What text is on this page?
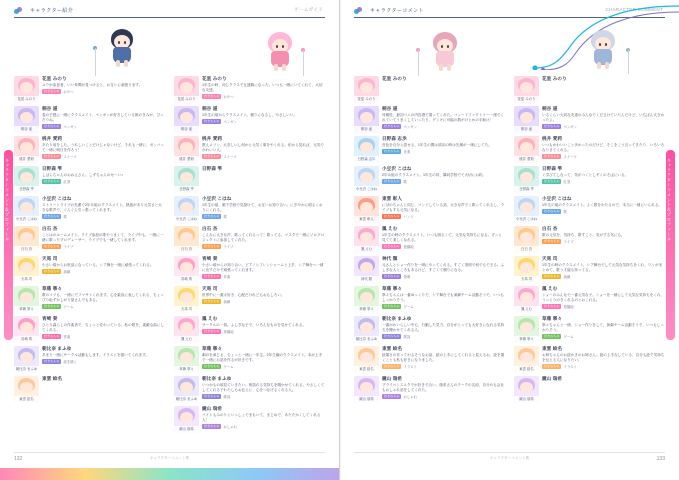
キャラクター紹介	ゲームガイド
キャラクターコメント＆プロフィール
花星 みのり
花星 みのり
ユウが参加者、いい仲間が見つけると、お互いに頑張ります。
好きなもの	おやつ
桐谷 遥
桐谷 遥
春の予感に一緒にクラスメイト、ペンギンが好きしている都のきみが、ぴったりね。
好きなもの	ペンギン
桃井 愛莉
桃井 愛莉
あたり前をした。うれしいことだけじゃないけど、それも一緒に、ガンバって一緒に明日を作ろう！
好きなもの	スイーツ
日野森 雫
日野森 雫
しばらちゃんのおねえさん。しずちゃんのせーい♪
好きなもの	紅茶
小豆沢 こはね
小豆沢 こはね
ストリートライブの先輩で2年＆組のクラスメイト。熱意があり元気さと大きな歌声で、ぐんぐん引っ張ってくれます。
好きなもの	歌
白石 杏
白石 杏
ことはのルームメイト。ライブ参加の歌やうまくて、ライブ中も、一緒に一緒に歌ったプロデューサー、ライブでも一緒してくれます。
好きなもの	ライブ
天馬 司
天馬 司
小さい頃からお世話になっている。シア舞台一緒に頑張ってくれる。
好きなもの	演劇
草薙 寧々
草薙 寧々
歌のコツも、一緒にでフマサトくれます。心を素直に表してくれる、ちょっぴり恥ずかしがり屋さんでもある。
好きなもの	ゲーム
宵崎 奏
宵崎 奏
ひとり暮らしの作曲者で、ちょっと変わっている。私の歌を、素敵な曲にしてくれる。
好きなもの	作曲
朝比奈 まふゆ
朝比奈 まふゆ
あまり一緒にサークル活動もします。イラストを描いてくれます。
好きなもの	絵を描く
東雲 絵名
東雲 絵名
花星 みのり
花星 みのり
1年生の時、同じクラスで互連載になった。いつも一緒にいてくれて、大切な友達。
好きなもの	おやつ
桐谷 遥
桐谷 遥
1年生の頃からクラスメイト。頼りになるし、やさしいい。
好きなもの	ペンギン
桃井 愛莉
桃井 愛莉
教えメリン、大変しいし何かと元気く事をやくれる。私から見れば、元気でかわいい人。
好きなもの	スイーツ
日野森 雫
日野森 雫
小豆沢 こはね
小豆沢 こはね
1年生の頃、廊下学校で見掛けて、お互いお知り合い。にぎやかに明るくおりにくれる。
好きなもの	歌
白石 杏
白石 杏
こんなに大きな声、歌ってくれるって！歌ってる、マスクで一緒にソロプロジェクトに参加してくれた。
好きなもの	ライブ
宵崎 奏
宵崎 奏
小さい頃からの知り合い。ピアノとフレンシャームと上手、シア舞台へ一緒に出すだけで頑張ってくれます。
好きなもの	作曲
天馬 司
天馬 司
世界中に一番太好き、心配だけれどもおもしろい。
好きなもの	演劇
鳳 えむ
鳳 えむ
サークルの一員。ふしぎな子で、いろんなものを見せてくれる。
好きなもの	遊園地
草薙 寧々
草薙 寧々
劇のを演じる、ちょっと一緒に一年生。2年生編のクラスメイト。本が上手で一緒にお話を作るが好きです。
好きなもの	ゲーム
朝比奈 まふゆ
朝比奈 まふゆ
いつかもの頃見ていきたい。相談れる気持ちを聞かせてくれる。やさしくてしてくれる子わたしもお伝えに、心をつなげるくれる人。
好きなもの	歌詞
鏡山 瑞希
鏡山 瑞希
バイトもみのりといっしょでまもいて、まじめで、あたたかくしてくれる人！
好きなもの	おしゃれ
132	キャラクターコメント集
キャラクターコメント	CHARACTER COMMENT
キャラクターコメント＆プロフィール
花星 みのり
花星 みのり
桐谷 遥
桐谷 遥
母親役、最初バニの内容漫で書ってくれた。コンードファクトリー一緒でくれていてうまくしていったり、ゲンキに可能の数がけとかの手助け！
好きなもの	ペンギン
日野森 志歩
日野森 志歩
音色を自分と認せる、1年生の間は部活の時は先輩が一緒にしてた。
好きなもの	音楽
小豆沢 こはね
小豆沢 こはね
2年＆組のクラスメイト。1年生の同、隣同学校でて大切にお約。
好きなもの	歌
東雲 彰人
東雲 彰人
にほのちゃんと同じ、バンドしている話、大きな声でく歌ってくれるし、ライブもする元気になる。
好きなもの	バンド
鳳 えむ
鳳 えむ
1年生の時のクラスメイト。いつも明るくて、元気な気持ちになる。ずっと見てて楽しくなれる。
好きなもの	遊園地
神代 類
神代 類
元さんとショー作りを一緒にやってくれる。すごく発明で何でもできる。ふしぎな人ところもあるけど、すごくて頼りになる。
好きなもの	発明
草薙 寧々
草薙 寧々
寧々ちゃんは一番ゆっくりで、シア舞台でも演劇チーム活動そうで、いつもしっかりそう。
好きなもの	ゲーム
朝比奈 まふゆ
朝比奈 まふゆ
一番かわいらしい中も、行動した気力、自分がとっても大好きになれる気持ちを聞かせてくれる人。
好きなもの	歌詞
東雲 絵名
東雲 絵名
絵描さの作ってわるそうなお話、絵の上手にしてくれると見えるお、絵を描くことも私も好きになりました。
好きなもの	イラスト
鏡山 瑞希
鏡山 瑞希
プライベンスエクでが好きで合い、瑞希さんのラークの名前、自分のも会社もおしゃれ話をしてくれた。
好きなもの	おしゃれ
花星 みのり
花星 みのり
桐谷 遥
桐谷 遥
いるくらい大切な友達のみんなでくださけていたんだけど、いちばん大きかったよ。
好きなもの	ペンギン
桃井 愛莉
桃井 愛莉
いつもかわいいこと多かったのだけど、そこをこう言ってきたり、いろいろなりきてくれる。
好きなもの	スイーツ
日野森 雫
日野森 雫
ぐ学びてしなって、気がつくとしずくのそばにいる。
好きなもの	紅茶
小豆沢 こはね
小豆沢 こはね
1年生の頃のクラスメイト。よく歌をわたるので、本当に一緒にいられる。
好きなもの	歌
白石 杏
白石 杏
歌の元気を、気持ち、歌すこと、気がする気にも。
好きなもの	ライブ
天馬 司
天馬 司
1年生の時のクラスメイト。シア舞台でして元気な気持ちをくれ、ワンがまとめて、歌う才能も持ってる。
好きなもの	演劇
鳳 えむ
鳳 えむ
ショーのみんなで一番元気な子。ショーを一緒にして元気な気持ちをくれ、うっとりのきくれるのとおこれる。
好きなもの	遊園地
草薙 寧々
草薙 寧々
寧々ちゃんと一緒、ショー作りをして、演劇チーム活動そうで、いつもしっかりそう。
好きなもの	ゲーム
東雲 絵名
東雲 絵名
お姉ちゃんのお絵かきのお姉さん。絵の上手なしている、自分も絵で気持ちを伝える人になりたい。
好きなもの	イラスト
鏡山 瑞希
鏡山 瑞希
133
キャラクターコメント集
